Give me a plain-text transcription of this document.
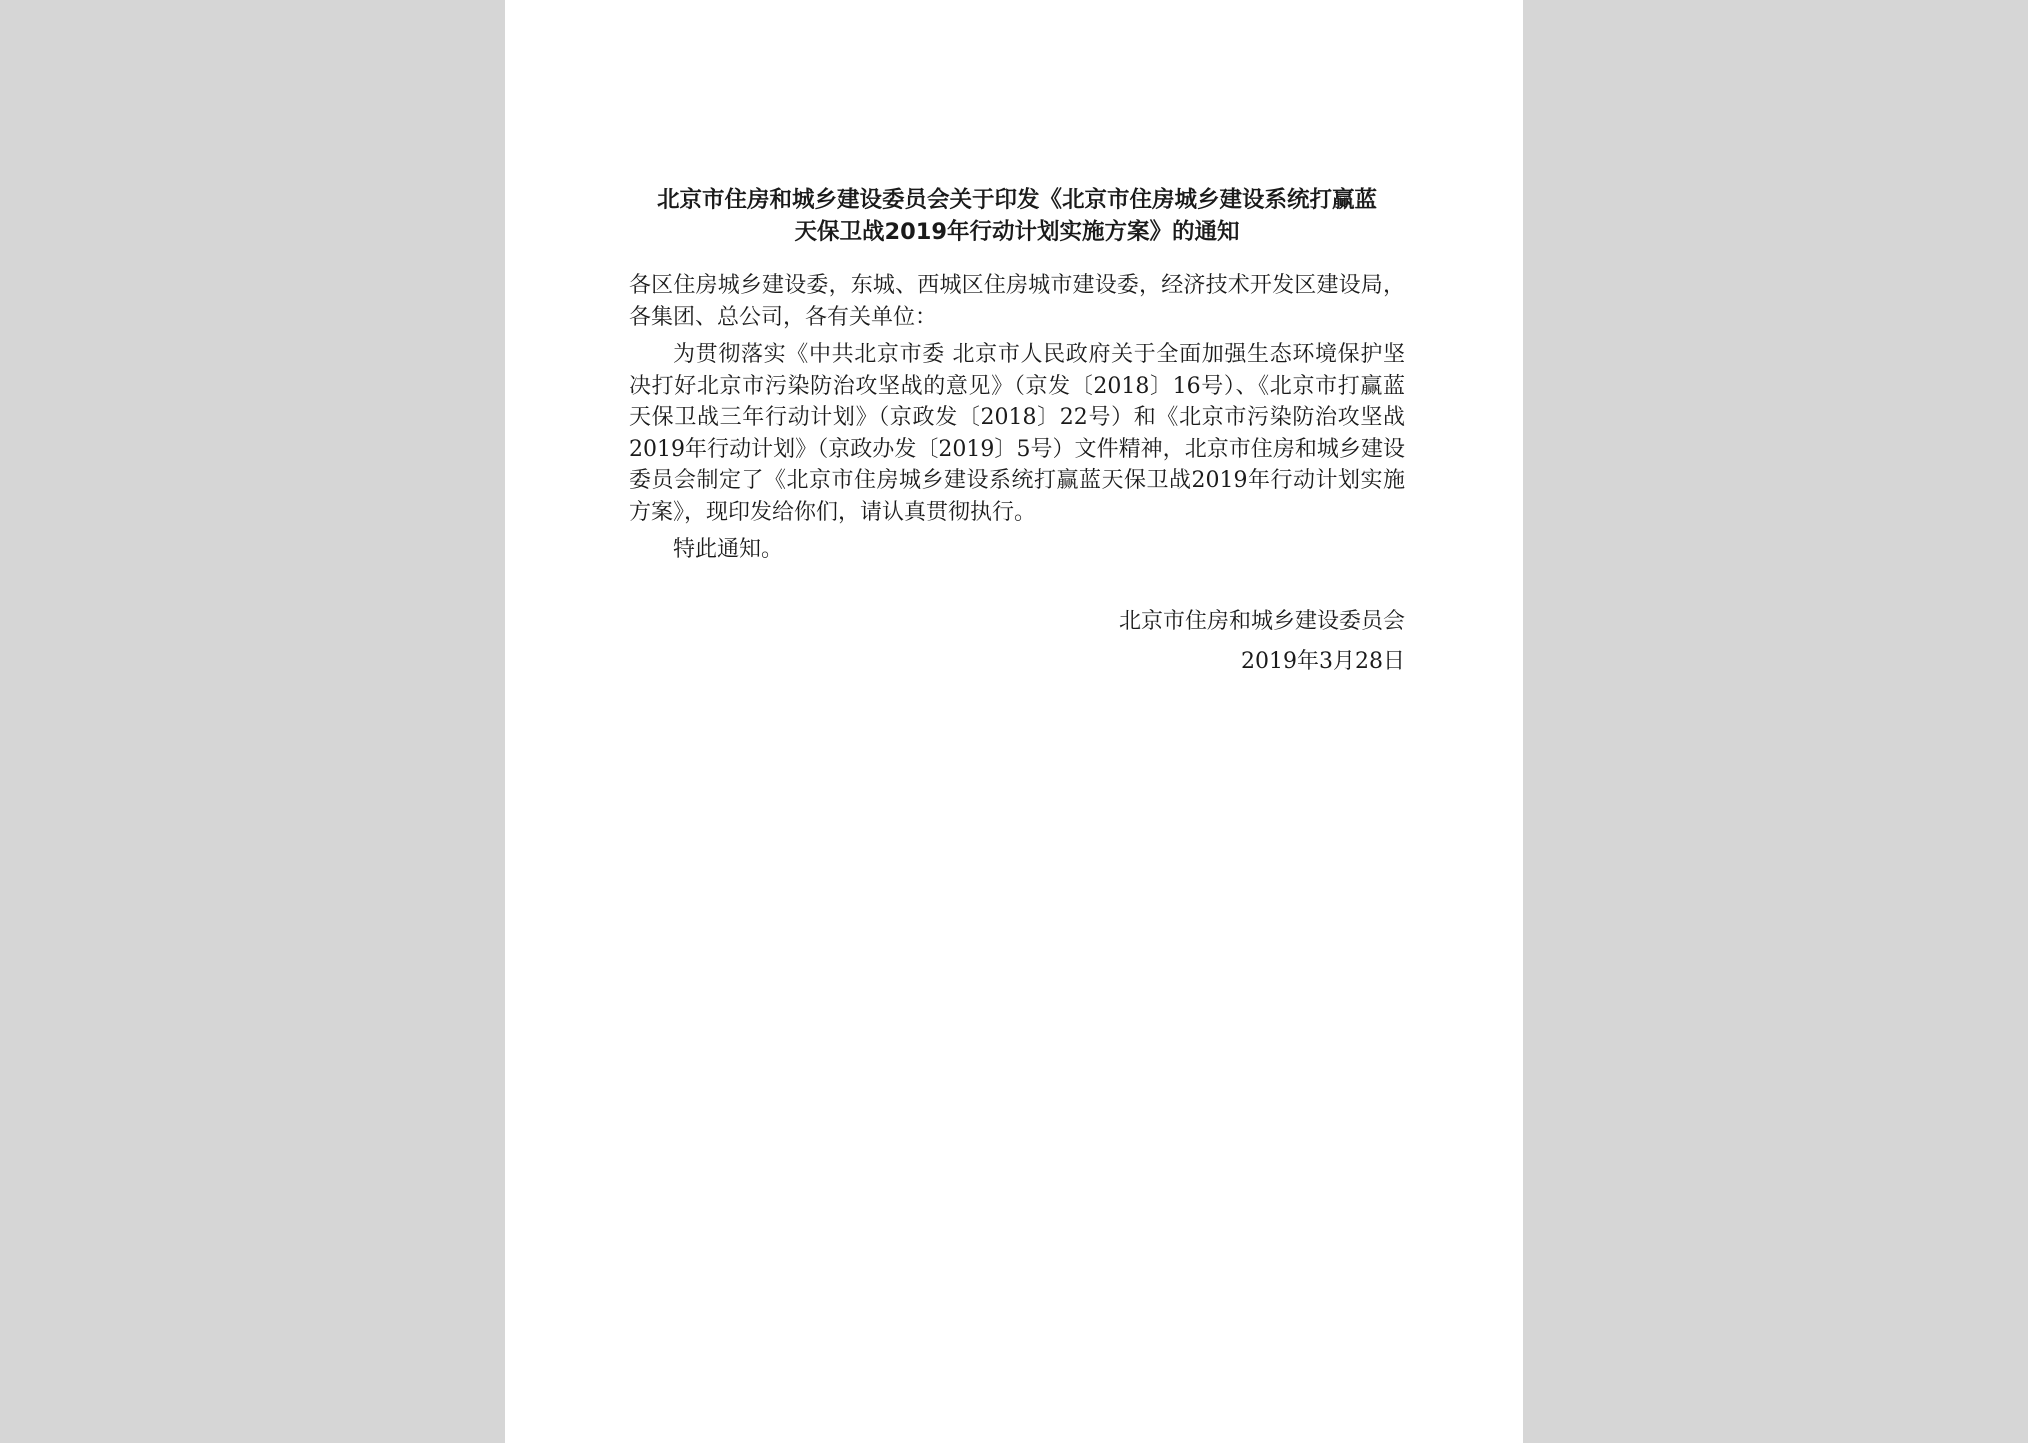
北京市住房和城乡建设委员会关于印发《北京市住房城乡建设系统打赢蓝
天保卫战2019年行动计划实施方案》的通知

各区住房城乡建设委，东城、西城区住房城市建设委，经济技术开发区建设局，各集团、总公司，各有关单位：

为贯彻落实《中共北京市委 北京市人民政府关于全面加强生态环境保护坚决打好北京市污染防治攻坚战的意见》（京发〔2018〕16号）、《北京市打赢蓝天保卫战三年行动计划》（京政发〔2018〕22号）和《北京市污染防治攻坚战2019年行动计划》（京政办发〔2019〕5号）文件精神，北京市住房和城乡建设委员会制定了《北京市住房城乡建设系统打赢蓝天保卫战2019年行动计划实施方案》，现印发给你们，请认真贯彻执行。

特此通知。

北京市住房和城乡建设委员会
2019年3月28日
